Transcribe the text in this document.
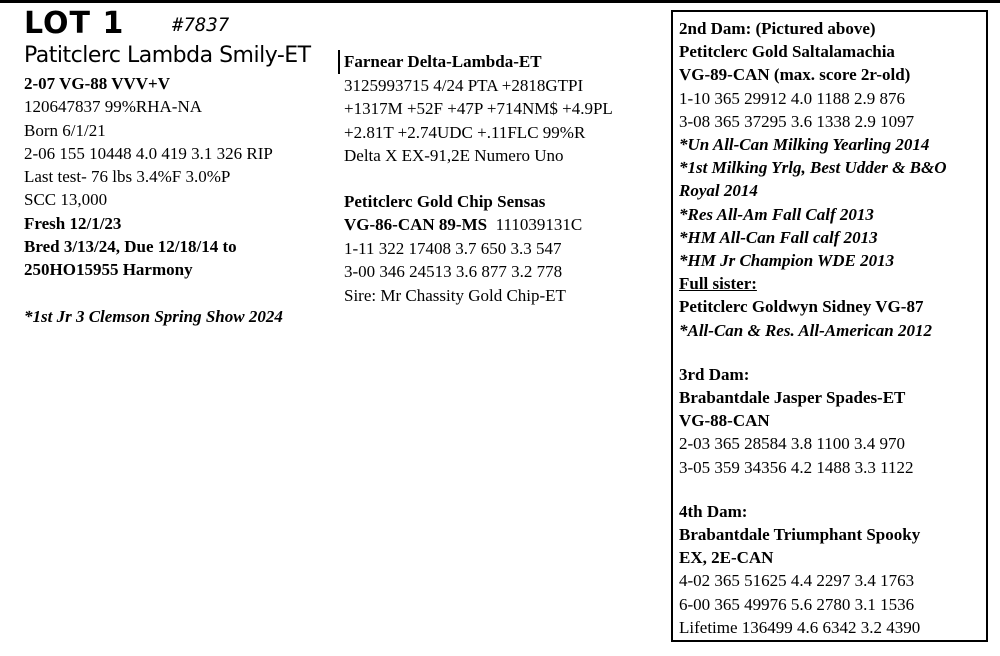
LOT 1	#7837
Patitclerc Lambda Smily-ET
2-07 VG-88 VVV+V
120647837 99%RHA-NA
Born 6/1/21
2-06 155 10448 4.0 419 3.1 326 RIP
Last test- 76 lbs 3.4%F 3.0%P
SCC 13,000
Fresh 12/1/23
Bred 3/13/24, Due 12/18/14 to
250HO15955 Harmony
*1st Jr 3 Clemson Spring Show 2024
Farnear Delta-Lambda-ET
3125993715 4/24 PTA +2818GTPI
+1317M +52F +47P +714NM$ +4.9PL
+2.81T +2.74UDC +.11FLC 99%R
Delta X EX-91,2E Numero Uno
Petitclerc Gold Chip Sensas
VG-86-CAN 89-MS 111039131C
1-11 322 17408 3.7 650 3.3 547
3-00 346 24513 3.6 877 3.2 778
Sire: Mr Chassity Gold Chip-ET
2nd Dam: (Pictured above)
Petitclerc Gold Saltalamachia
VG-89-CAN (max. score 2r-old)
1-10 365 29912 4.0 1188 2.9 876
3-08 365 37295 3.6 1338 2.9 1097
*Un All-Can Milking Yearling 2014
*1st Milking Yrlg, Best Udder & B&O
Royal 2014
*Res All-Am Fall Calf 2013
*HM All-Can Fall calf 2013
*HM Jr Champion WDE 2013
Full sister:
Petitclerc Goldwyn Sidney VG-87
*All-Can & Res. All-American 2012
3rd Dam:
Brabantdale Jasper Spades-ET
VG-88-CAN
2-03 365 28584 3.8 1100 3.4 970
3-05 359 34356 4.2 1488 3.3 1122
4th Dam:
Brabantdale Triumphant Spooky
EX, 2E-CAN
4-02 365 51625 4.4 2297 3.4 1763
6-00 365 49976 5.6 2780 3.1 1536
Lifetime 136499 4.6 6342 3.2 4390
